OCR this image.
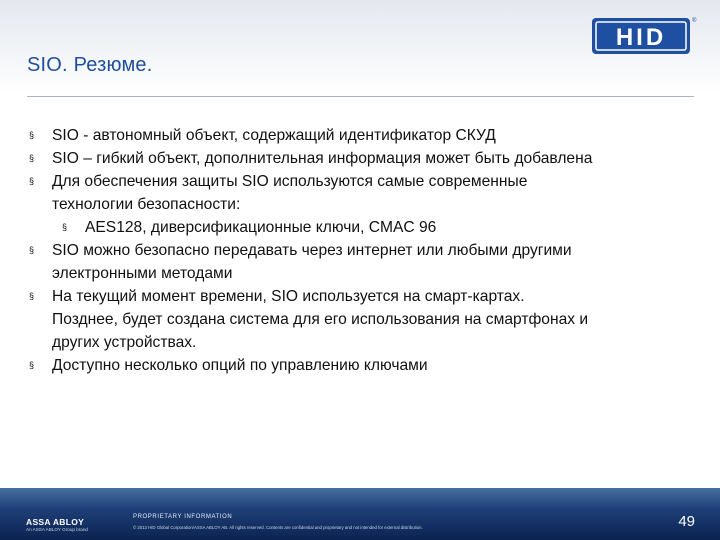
SIO. Резюме.
HID
®
§ SIO - автономный объект, содержащий идентификатор СКУД
§ SIO – гибкий объект, дополнительная информация может быть добавлена
§ Для обеспечения защиты SIO используются самые современные
технологии безопасности:
§ AES128, диверсификационные ключи, CMAC 96
§ SIO можно безопасно передавать через интернет или любыми другими
электронными методами
§ На текущий момент времени, SIO используется на смарт-картах.
Позднее, будет создана система для его использования на смартфонах и
других устройствах.
§ Доступно несколько опций по управлению ключами
ASSA ABLOY
An ASSA ABLOY Group brand
PROPRIETARY INFORMATION
© 2013 HID Global Corporation/ASSA ABLOY AB. All rights reserved. Contents are confidential and proprietary and not intended for external distribution.	49
